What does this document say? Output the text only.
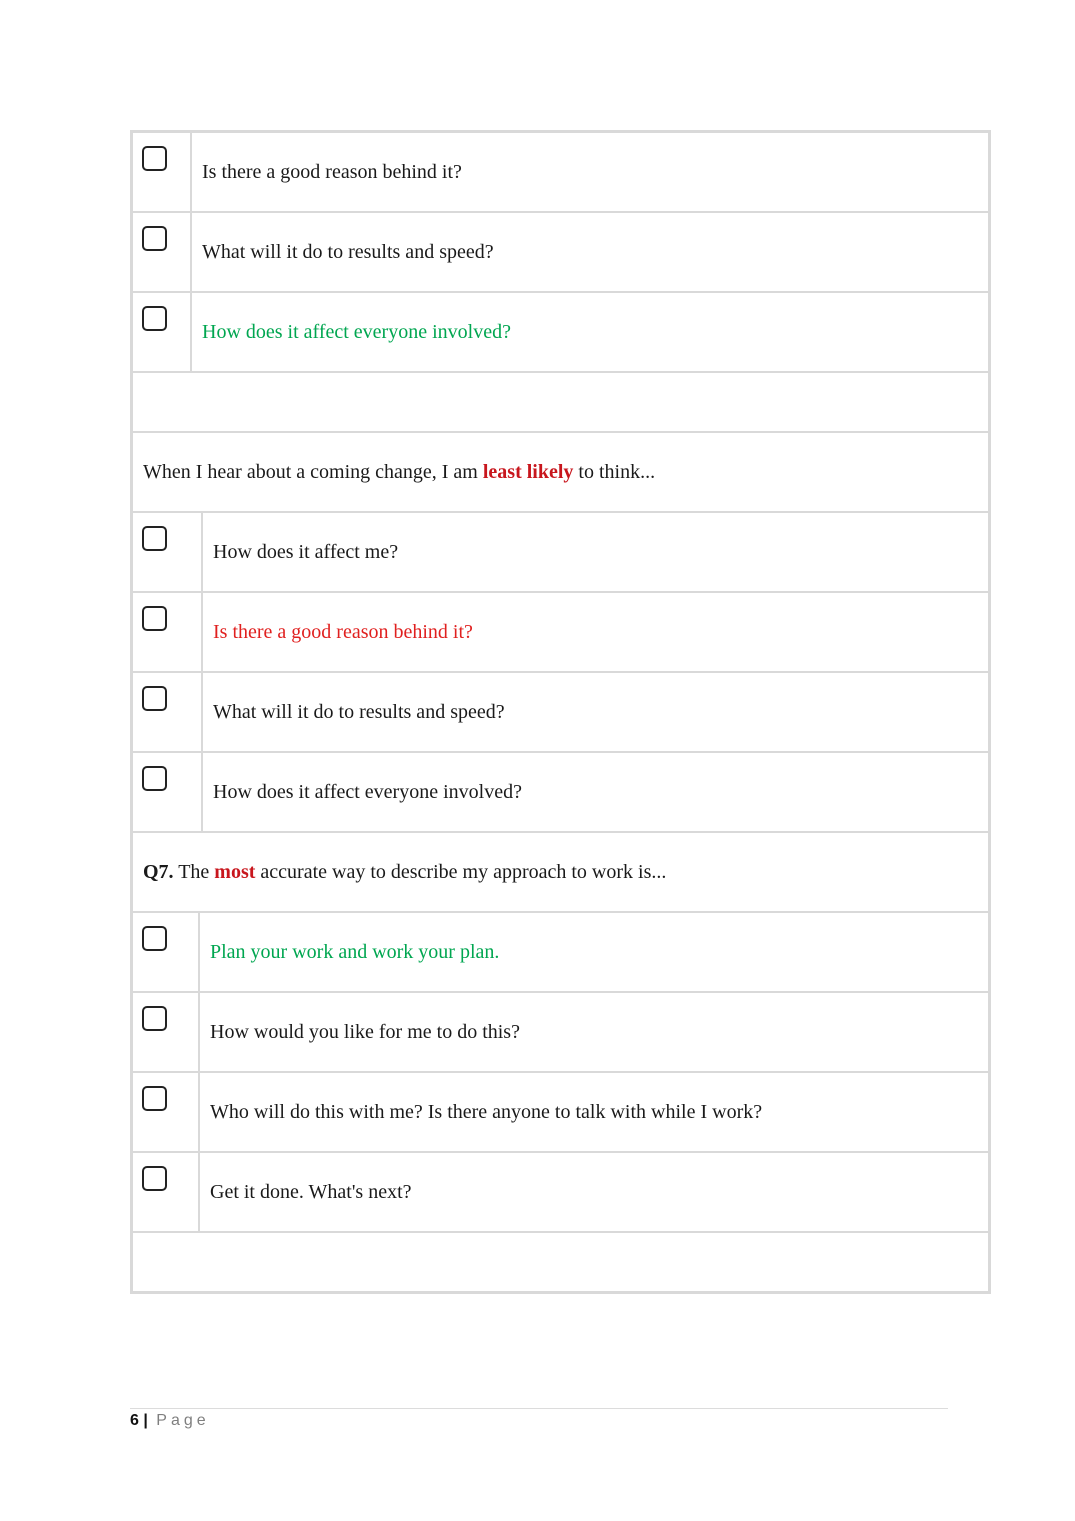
Is there a good reason behind it?
What will it do to results and speed?
How does it affect everyone involved?
When I hear about a coming change, I am least likely to think...
How does it affect me?
Is there a good reason behind it?
What will it do to results and speed?
How does it affect everyone involved?
Q7. The most accurate way to describe my approach to work is...
Plan your work and work your plan.
How would you like for me to do this?
Who will do this with me? Is there anyone to talk with while I work?
Get it done. What's next?
6 | Page
